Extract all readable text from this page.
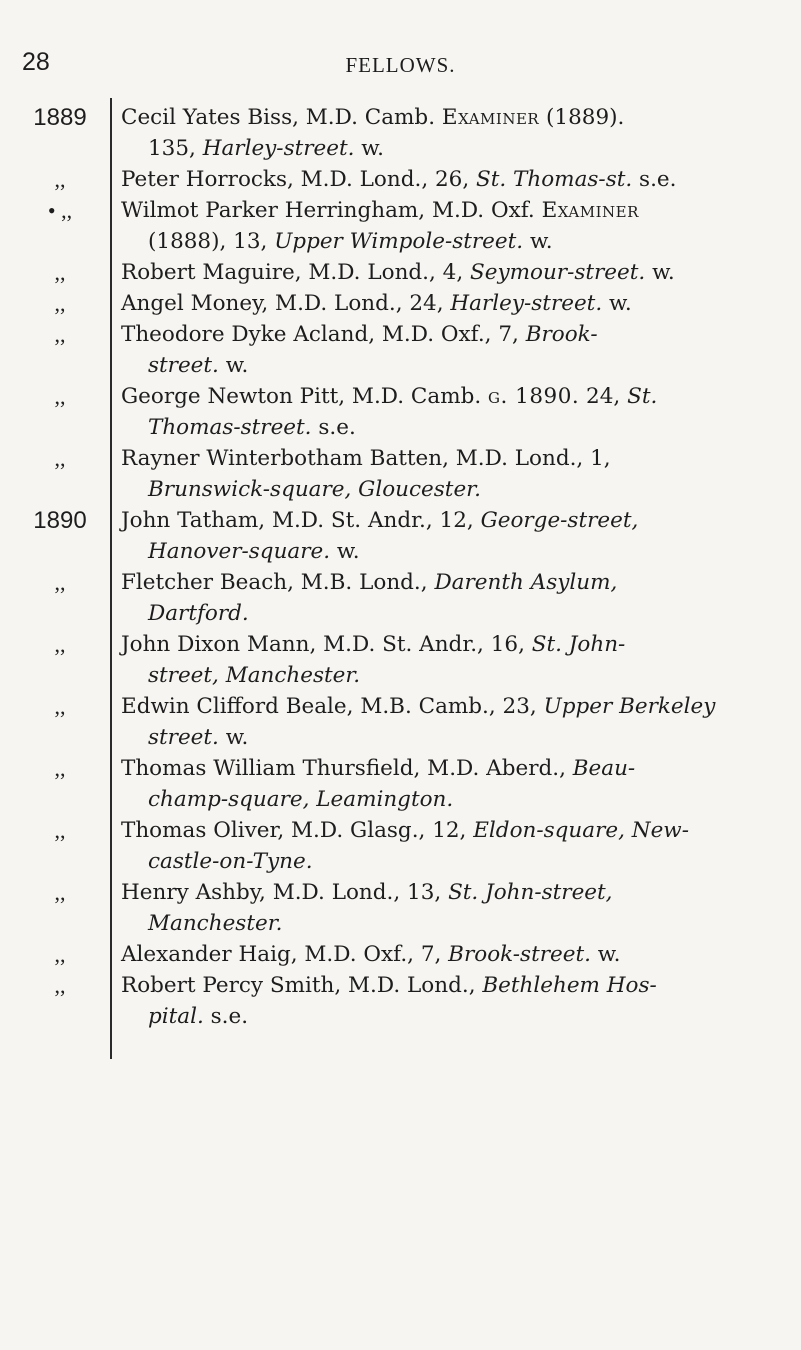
28	FELLOWS.
1889	Cecil Yates Biss, M.D. Camb. Examiner (1889).
135, Harley-street. w.
,,	Peter Horrocks, M.D. Lond., 26, St. Thomas-st. s.e.
• ,,	Wilmot Parker Herringham, M.D. Oxf. Examiner
(1888), 13, Upper Wimpole-street. w.
,,	Robert Maguire, M.D. Lond., 4, Seymour-street. w.
,,	Angel Money, M.D. Lond., 24, Harley-street. w.
,,	Theodore Dyke Acland, M.D. Oxf., 7, Brook-
street. w.
,,	George Newton Pitt, M.D. Camb. g. 1890. 24, St.
Thomas-street. s.e.
,,	Rayner Winterbotham Batten, M.D. Lond., 1,
Brunswick-square, Gloucester.
1890	John Tatham, M.D. St. Andr., 12, George-street,
Hanover-square. w.
,,	Fletcher Beach, M.B. Lond., Darenth Asylum,
Dartford.
,,	John Dixon Mann, M.D. St. Andr., 16, St. John-
street, Manchester.
,,	Edwin Clifford Beale, M.B. Camb., 23, Upper Berkeley
street. w.
,,	Thomas William Thursfield, M.D. Aberd., Beau-
champ-square, Leamington.
,,	Thomas Oliver, M.D. Glasg., 12, Eldon-square, New-
castle-on-Tyne.
,,	Henry Ashby, M.D. Lond., 13, St. John-street,
Manchester.
,,	Alexander Haig, M.D. Oxf., 7, Brook-street. w.
,,	Robert Percy Smith, M.D. Lond., Bethlehem Hos-
pital. s.e.
